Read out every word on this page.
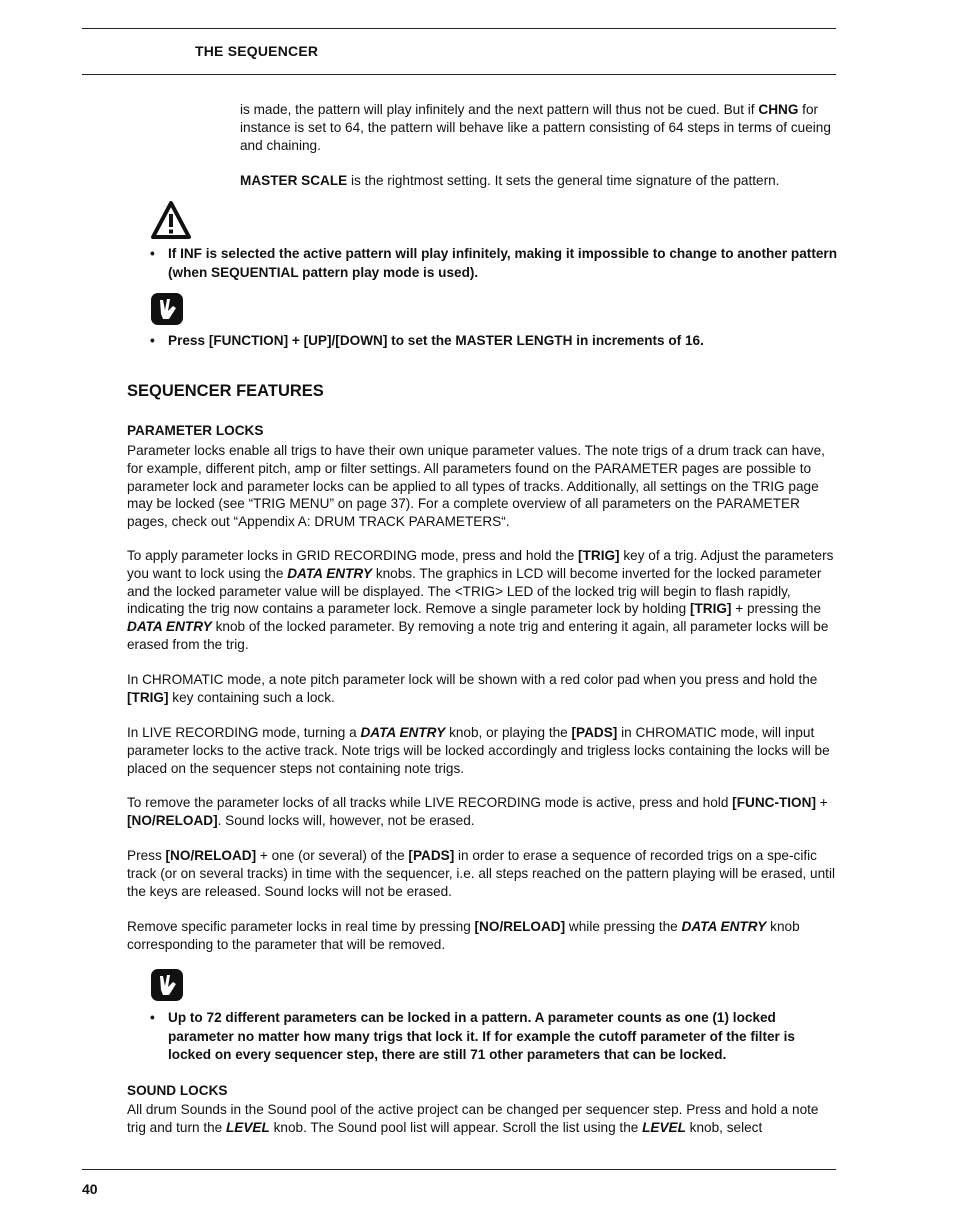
THE SEQUENCER

is made, the pattern will play infinitely and the next pattern will thus not be cued. But if CHNG for instance is set to 64, the pattern will behave like a pattern consisting of 64 steps in terms of cueing and chaining.

MASTER SCALE is the rightmost setting. It sets the general time signature of the pattern.

• If INF is selected the active pattern will play infinitely, making it impossible to change to another pattern (when SEQUENTIAL pattern play mode is used).
• Press [FUNCTION] + [UP]/[DOWN] to set the MASTER LENGTH in increments of 16.
SEQUENCER FEATURES
PARAMETER LOCKS

Parameter locks enable all trigs to have their own unique parameter values. The note trigs of a drum track can have, for example, different pitch, amp or filter settings. All parameters found on the PARAMETER pages are possible to parameter lock and parameter locks can be applied to all types of tracks. Additionally, all settings on the TRIG page may be locked (see “TRIG MENU” on page 37). For a complete overview of all parameters on the PARAMETER pages, check out “Appendix A: DRUM TRACK PARAMETERS“.

To apply parameter locks in GRID RECORDING mode, press and hold the [TRIG] key of a trig. Adjust the parameters you want to lock using the DATA ENTRY knobs. The graphics in LCD will become inverted for the locked parameter and the locked parameter value will be displayed. The <TRIG> LED of the locked trig will begin to flash rapidly, indicating the trig now contains a parameter lock. Remove a single parameter lock by holding [TRIG] + pressing the DATA ENTRY knob of the locked parameter. By removing a note trig and entering it again, all parameter locks will be erased from the trig.

In CHROMATIC mode, a note pitch parameter lock will be shown with a red color pad when you press and hold the [TRIG] key containing such a lock.

In LIVE RECORDING mode, turning a DATA ENTRY knob, or playing the [PADS] in CHROMATIC mode, will input parameter locks to the active track. Note trigs will be locked accordingly and trigless locks containing the locks will be placed on the sequencer steps not containing note trigs.

To remove the parameter locks of all tracks while LIVE RECORDING mode is active, press and hold [FUNC-TION] + [NO/RELOAD]. Sound locks will, however, not be erased.

Press [NO/RELOAD] + one (or several) of the [PADS] in order to erase a sequence of recorded trigs on a spe-cific track (or on several tracks) in time with the sequencer, i.e. all steps reached on the pattern playing will be erased, until the keys are released. Sound locks will not be erased.

Remove specific parameter locks in real time by pressing [NO/RELOAD] while pressing the DATA ENTRY knob corresponding to the parameter that will be removed.

• Up to 72 different parameters can be locked in a pattern. A parameter counts as one (1) locked parameter no matter how many trigs that lock it. If for example the cutoff parameter of the filter is locked on every sequencer step, there are still 71 other parameters that can be locked.
SOUND LOCKS

All drum Sounds in the Sound pool of the active project can be changed per sequencer step. Press and hold a note trig and turn the LEVEL knob. The Sound pool list will appear. Scroll the list using the LEVEL knob, select

40
